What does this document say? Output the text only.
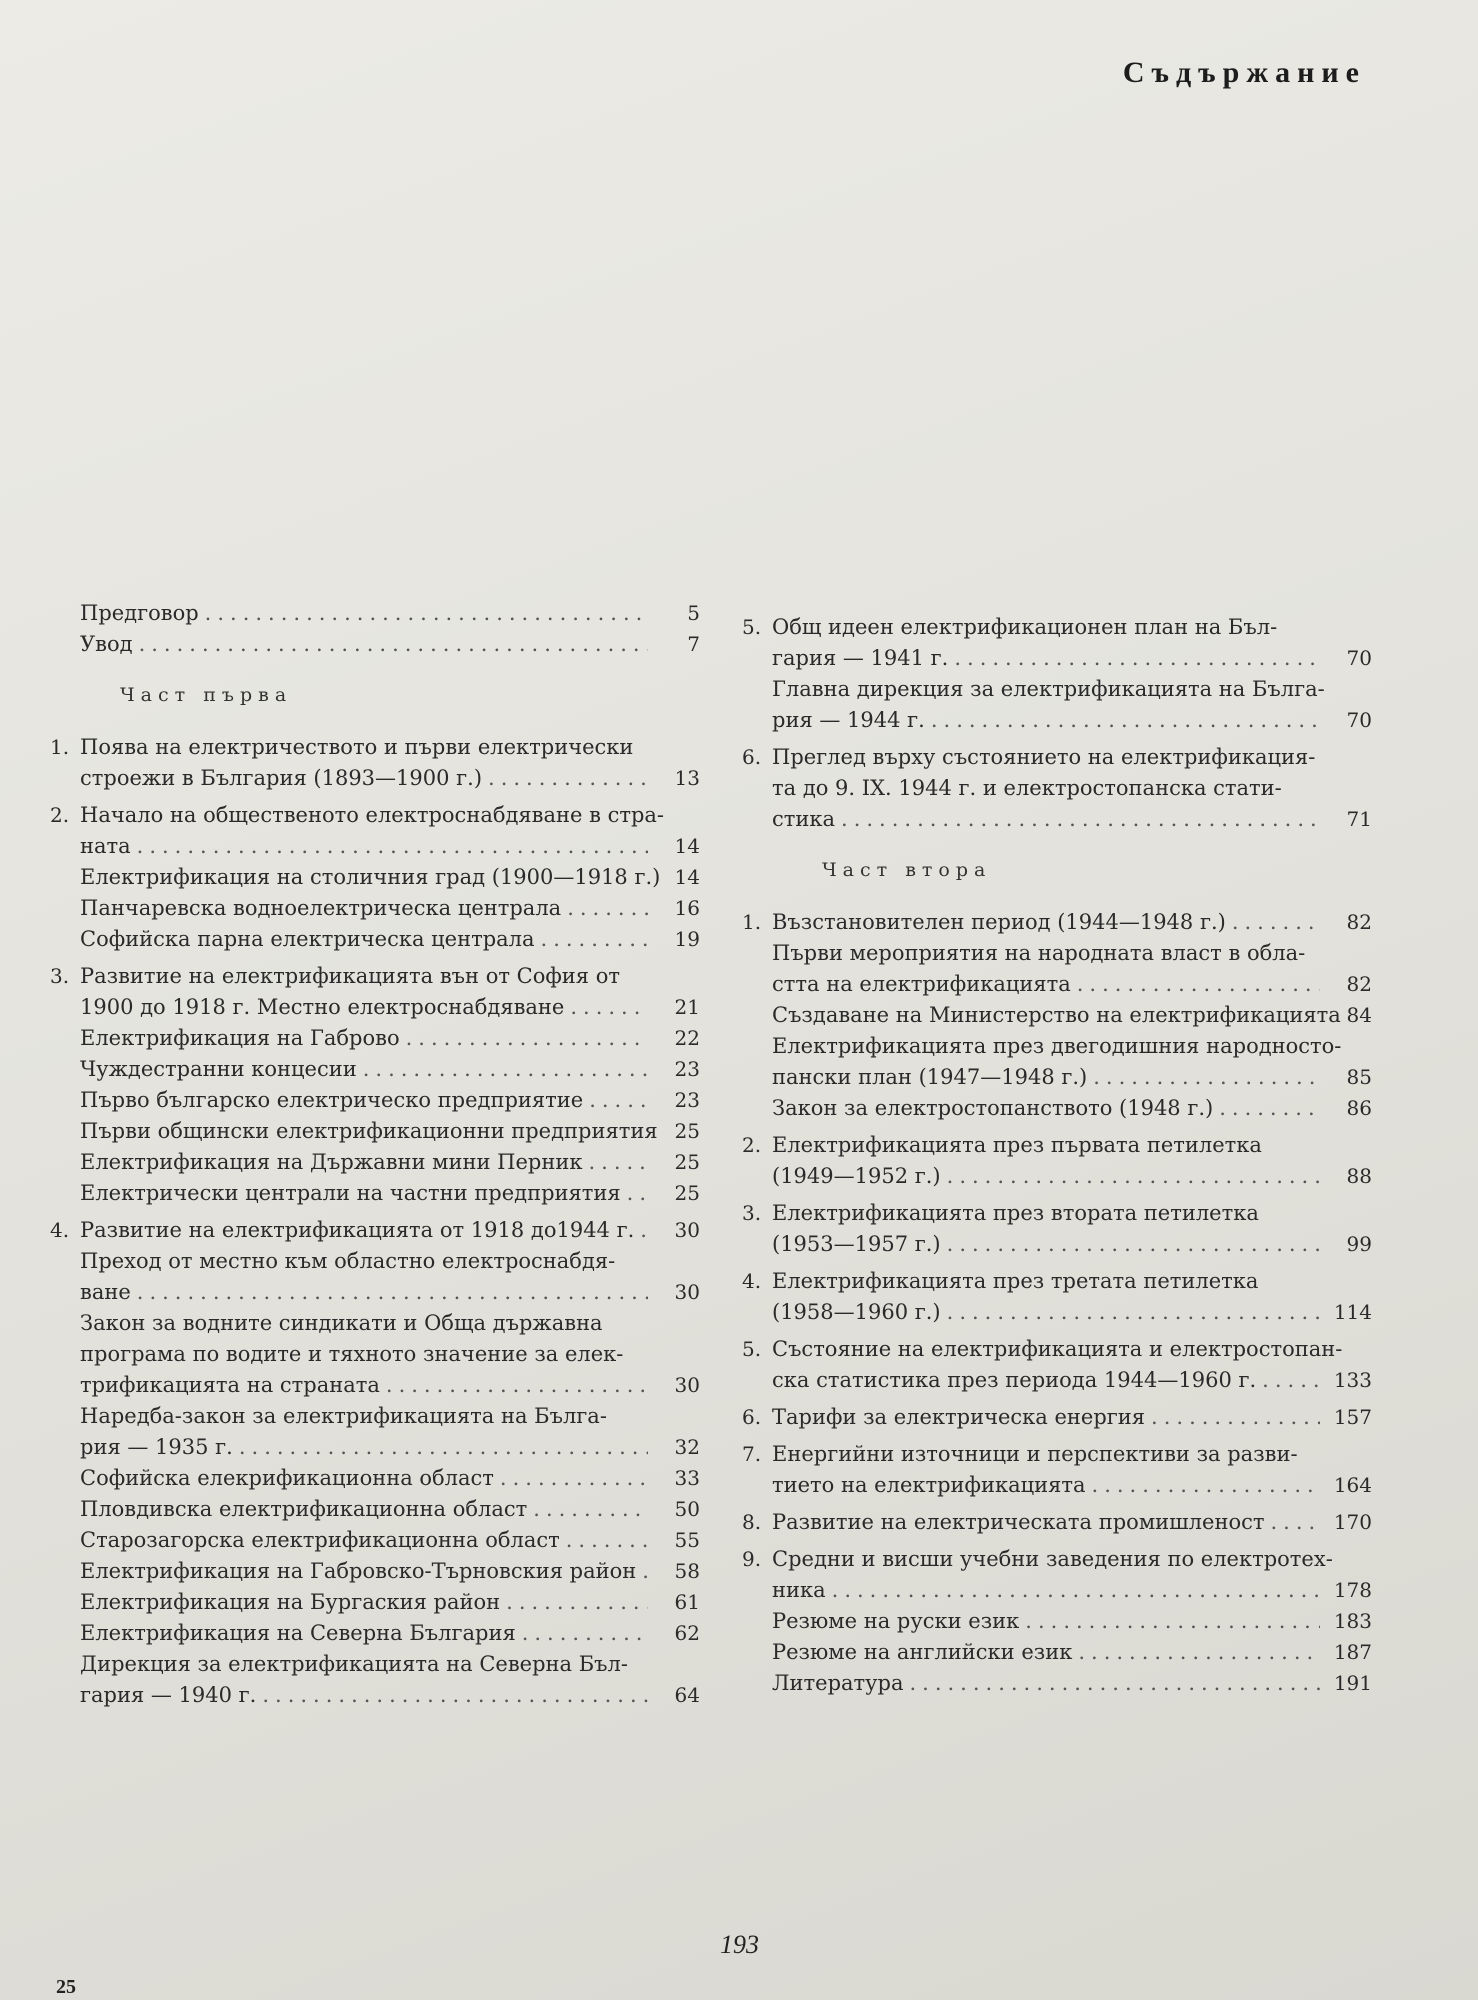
Съдържание
Предговор .....	5
Увод .....	7
Част първа
1. Поява на електричеството и първи електрически
строежи в България (1893—1900 г.) .....	13
2. Начало на общественото електроснабдяване в стра-
ната .....	14
Електрификация на столичния град (1900—1918 г.) ..... 14
Панчаревска водноелектрическа централа .....	16
Софийска парна електрическа централа .....	19
3. Развитие на електрификацията вън от София от
1900 до 1918 г. Местно електроснабдяване .....	21
Електрификация на Габрово .....	22
Чуждестранни концесии .....	23
Първо българско електрическо предприятие .....	23
Първи общински електрификационни предприятия ..... 25
Електрификация на Държавни мини Перник .....	25
Електрически централи на частни предприятия .....	25
4. Развитие на електрификацията от 1918 до1944 г. .....	30
Преход от местно към областно електроснабдя-
ване .....	30
Закон за водните синдикати и Обща държавна
програма по водите и тяхното значение за елек-
трификацията на страната .....	30
Наредба-закон за електрификацията на Бълга-
рия — 1935 г. .....	32
Софийска елекрификационна област .....	33
Пловдивска електрификационна област .....	50
Старозагорска електрификационна област .....	55
Електрификация на Габровско-Търновския район .....	58
Електрификация на Бургаския район .....	61
Електрификация на Северна България .....	62
Дирекция за електрификацията на Северна Бъл-
гария — 1940 г. .....	64
5. Общ идеен електрификационен план на Бъл-
гария — 1941 г. .....	70
Главна дирекция за електрификацията на Бълга-
рия — 1944 г. .....	70
6. Преглед върху състоянието на електрификация-
та до 9. IX. 1944 г. и електростопанска стати-
стика .....	71
Част втора
1. Възстановителен период (1944—1948 г.) .....	82
Първи мероприятия на народната власт в обла-
стта на електрификацията .....	82
Създаване на Министерство на електрификацията ..... 84
Електрификацията през двегодишния народносто-
пански план (1947—1948 г.) .....	85
Закон за електростопанството (1948 г.) .....	86
2. Електрификацията през първата петилетка
(1949—1952 г.) .....	88
3. Електрификацията през втората петилетка
(1953—1957 г.) .....	99
4. Електрификацията през третата петилетка
(1958—1960 г.) .....	114
5. Състояние на електрификацията и електростопан-
ска статистика през периода 1944—1960 г. .....	133
6. Тарифи за електрическа енергия .....	157
7. Енергийни източници и перспективи за разви-
тието на електрификацията .....	164
8. Развитие на електрическата промишленост .....	170
9. Средни и висши учебни заведения по електротех-
ника .....	178
Резюме на руски език .....	183
Резюме на английски език .....	187
Литература .....	191
193
25
